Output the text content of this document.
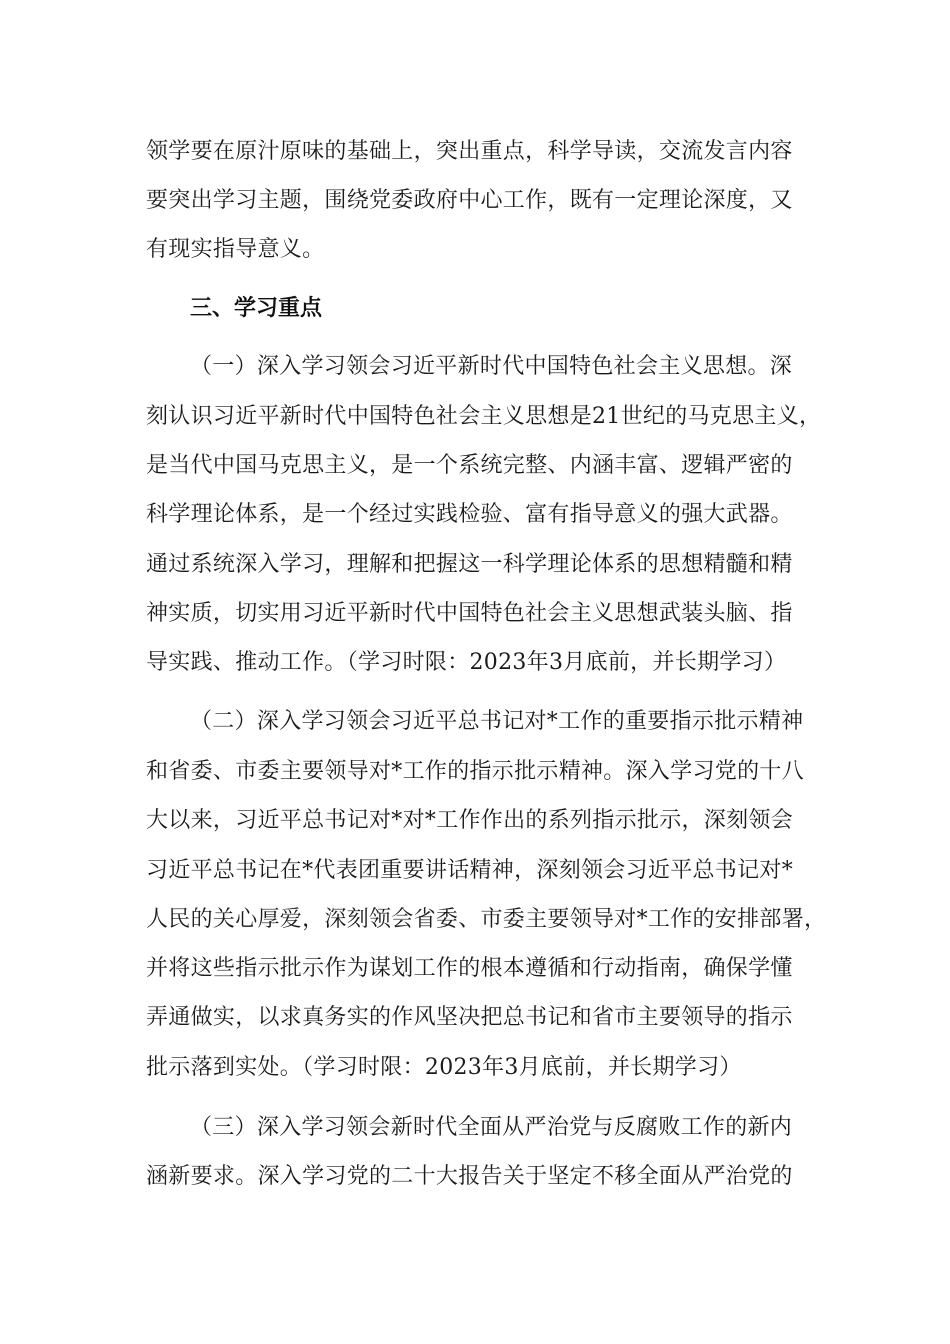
领学要在原汁原味的基础上，突出重点，科学导读，交流发言内容
要突出学习主题，围绕党委政府中心工作，既有一定理论深度，又
有现实指导意义。
三、学习重点
（一）深入学习领会习近平新时代中国特色社会主义思想。深
刻认识习近平新时代中国特色社会主义思想是21世纪的马克思主义，
是当代中国马克思主义，是一个系统完整、内涵丰富、逻辑严密的
科学理论体系，是一个经过实践检验、富有指导意义的强大武器。
通过系统深入学习，理解和把握这一科学理论体系的思想精髓和精
神实质，切实用习近平新时代中国特色社会主义思想武装头脑、指
导实践、推动工作。（学习时限：2023年3月底前，并长期学习）
（二）深入学习领会习近平总书记对*工作的重要指示批示精神
和省委、市委主要领导对*工作的指示批示精神。深入学习党的十八
大以来，习近平总书记对*对*工作作出的系列指示批示，深刻领会
习近平总书记在*代表团重要讲话精神，深刻领会习近平总书记对*
人民的关心厚爱，深刻领会省委、市委主要领导对*工作的安排部署，
并将这些指示批示作为谋划工作的根本遵循和行动指南，确保学懂
弄通做实，以求真务实的作风坚决把总书记和省市主要领导的指示
批示落到实处。（学习时限：2023年3月底前，并长期学习）
（三）深入学习领会新时代全面从严治党与反腐败工作的新内
涵新要求。深入学习党的二十大报告关于坚定不移全面从严治党的
